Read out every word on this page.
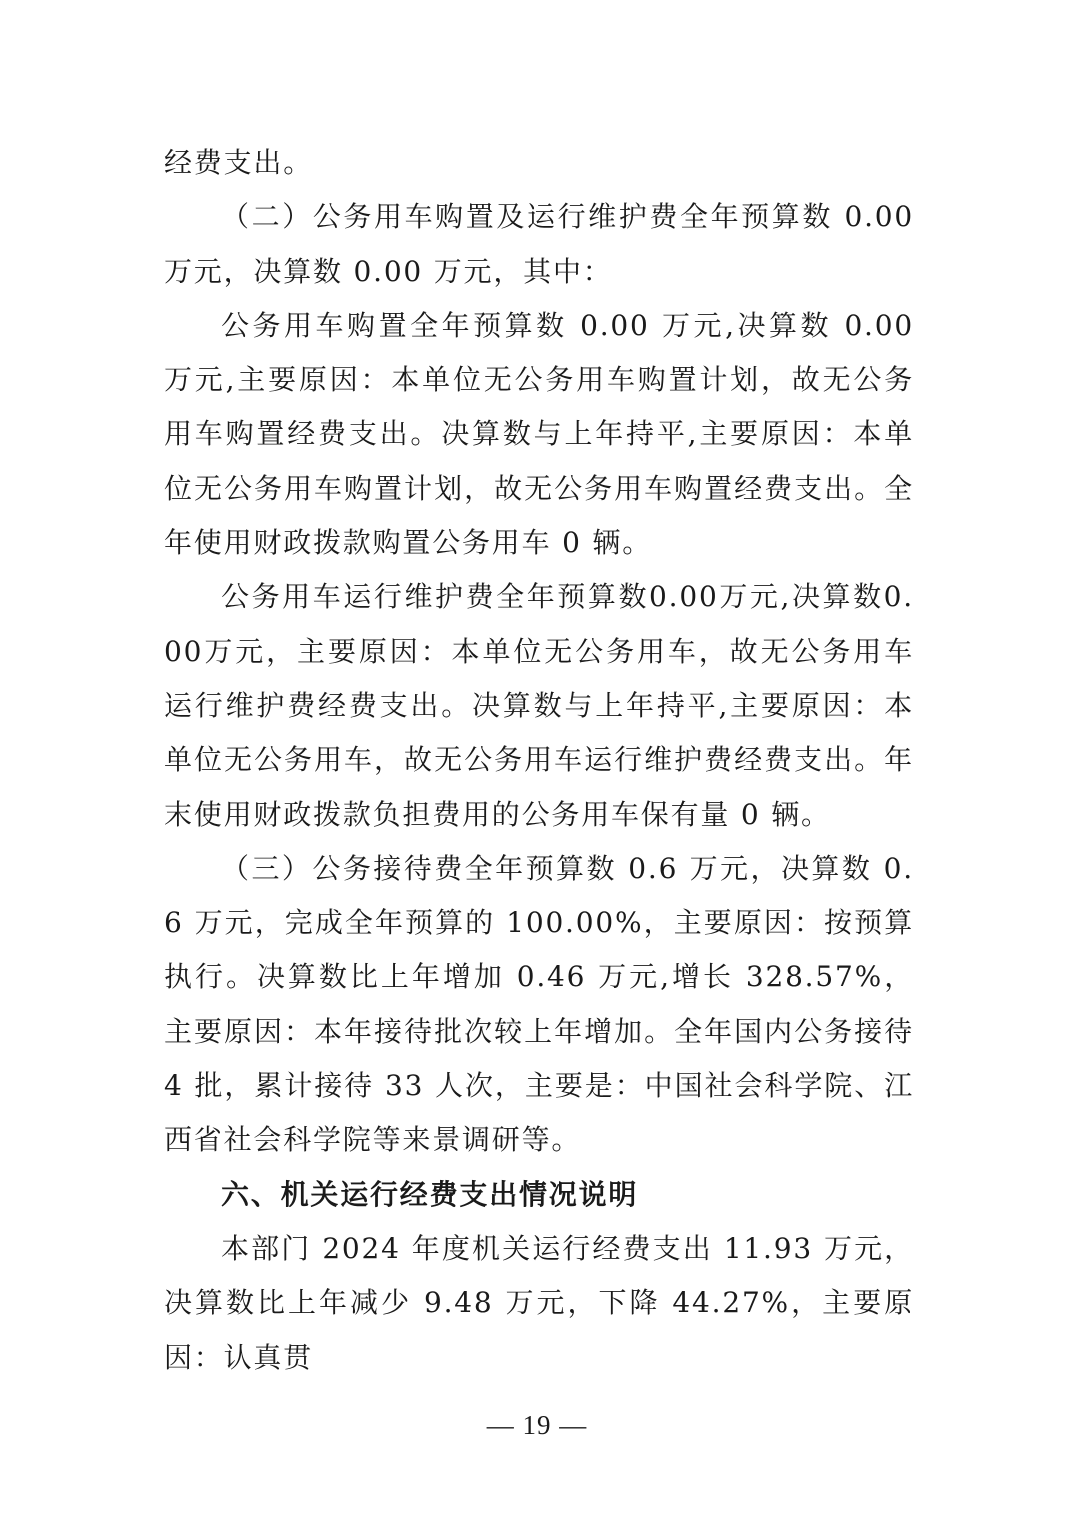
经费支出。

（二）公务用车购置及运行维护费全年预算数 0.00 万元，决算数 0.00 万元，其中：

公务用车购置全年预算数 0.00 万元,决算数 0.00 万元,主要原因：本单位无公务用车购置计划，故无公务用车购置经费支出。决算数与上年持平,主要原因：本单位无公务用车购置计划，故无公务用车购置经费支出。全年使用财政拨款购置公务用车 0 辆。

公务用车运行维护费全年预算数0.00万元,决算数0.00万元，主要原因：本单位无公务用车，故无公务用车运行维护费经费支出。决算数与上年持平,主要原因：本单位无公务用车，故无公务用车运行维护费经费支出。年末使用财政拨款负担费用的公务用车保有量 0 辆。

（三）公务接待费全年预算数 0.6 万元，决算数 0.6 万元，完成全年预算的 100.00%，主要原因：按预算执行。决算数比上年增加 0.46 万元,增长 328.57%，主要原因：本年接待批次较上年增加。全年国内公务接待 4 批，累计接待 33 人次，主要是：中国社会科学院、江西省社会科学院等来景调研等。

六、机关运行经费支出情况说明

本部门 2024 年度机关运行经费支出 11.93 万元，决算数比上年减少 9.48 万元，下降 44.27%，主要原因：认真贯

— 19 —
